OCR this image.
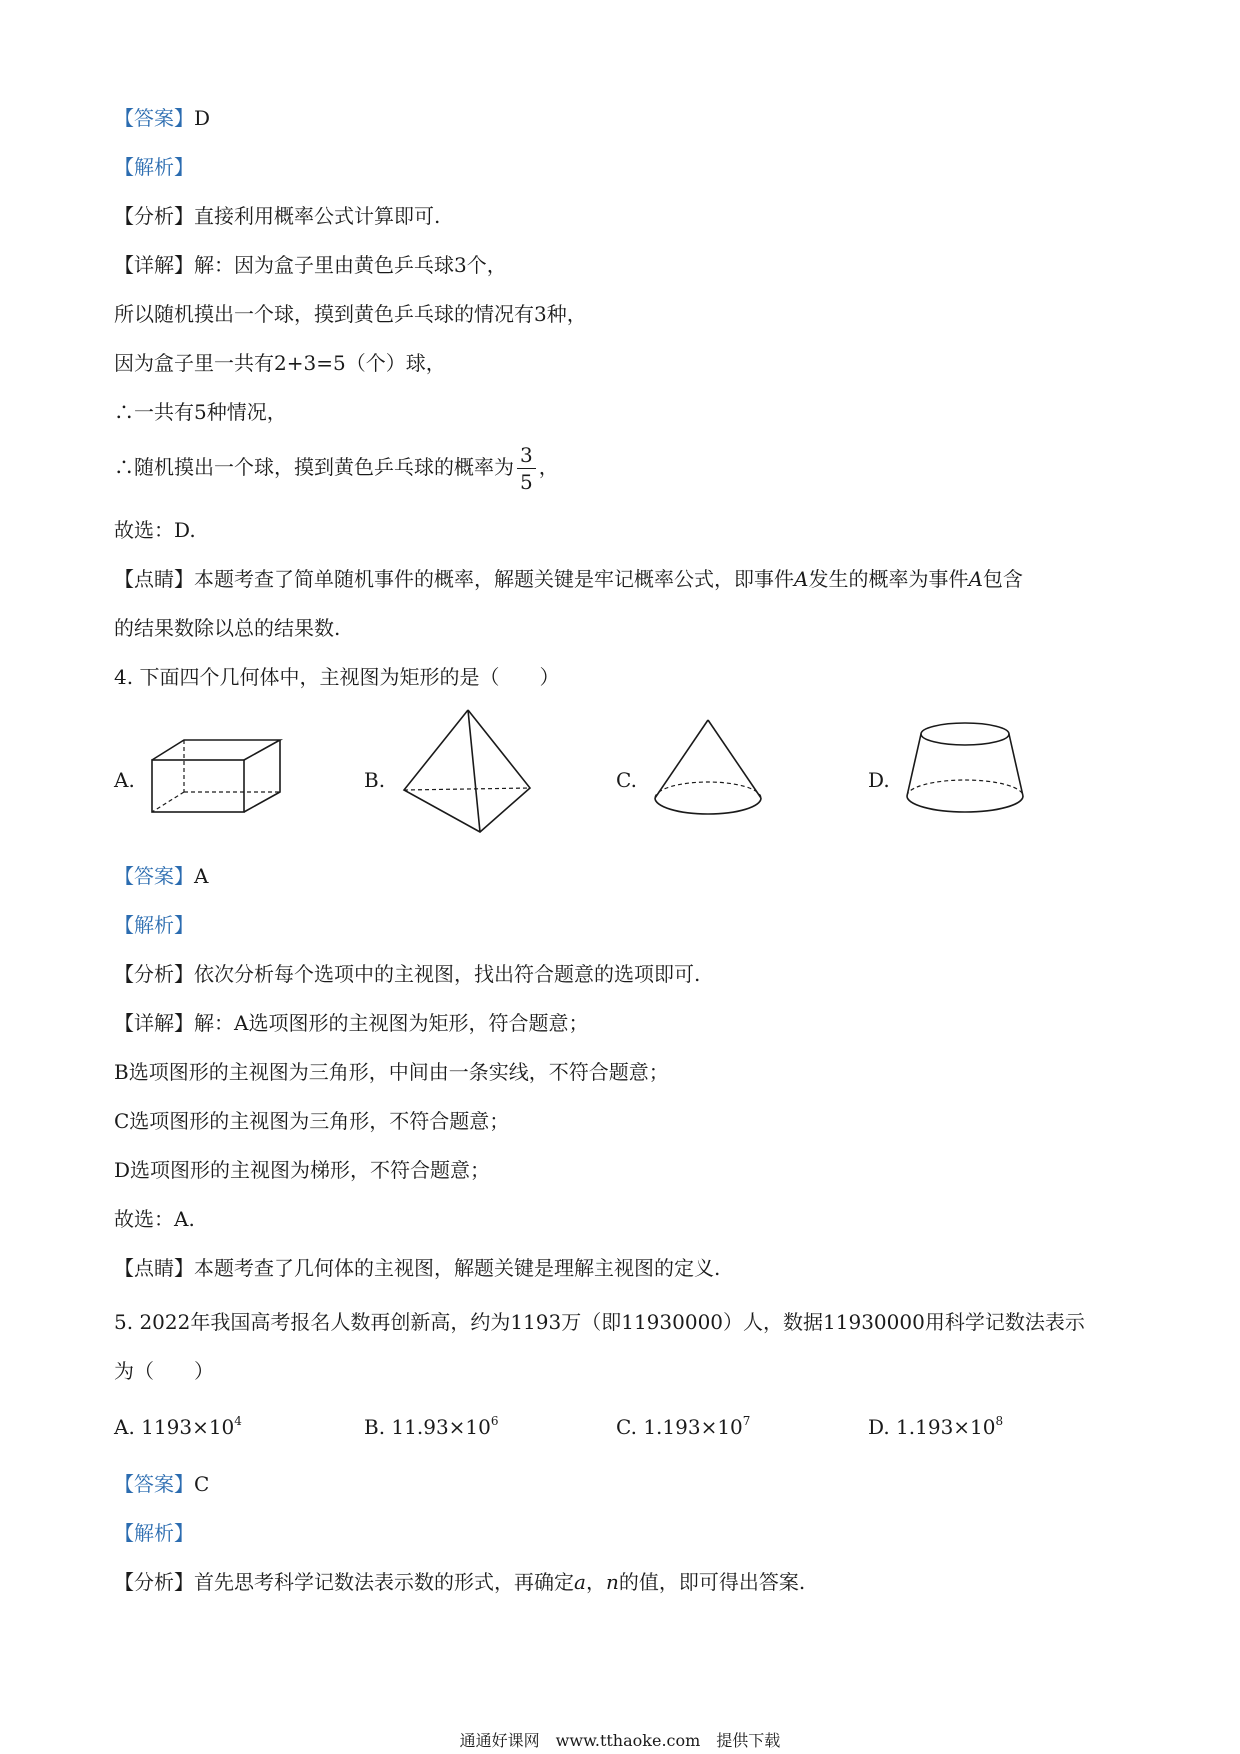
【答案】D
【解析】
【分析】直接利用概率公式计算即可.
【详解】解：因为盒子里由黄色乒乓球3个，
所以随机摸出一个球，摸到黄色乒乓球的情况有3种，
因为盒子里一共有2+3=5（个）球，
∴一共有5种情况，
∴随机摸出一个球，摸到黄色乒乓球的概率为 $\frac{3}{5}$ ，
故选：D.
【点睛】本题考查了简单随机事件的概率，解题关键是牢记概率公式，即事件A发生的概率为事件A包含
的结果数除以总的结果数.
4. 下面四个几何体中，主视图为矩形的是（　　）
A.	B.	C.	D.
【答案】A
【解析】
【分析】依次分析每个选项中的主视图，找出符合题意的选项即可.
【详解】解：A选项图形的主视图为矩形，符合题意；
B选项图形的主视图为三角形，中间由一条实线，不符合题意；
C选项图形的主视图为三角形，不符合题意；
D选项图形的主视图为梯形，不符合题意；
故选：A.
【点睛】本题考查了几何体的主视图，解题关键是理解主视图的定义.
5. 2022年我国高考报名人数再创新高，约为1193万（即11930000）人，数据11930000用科学记数法表示
为（　　）
A. $1193\times 10^4$	B. $11.93\times 10^6$	C. $1.193\times 10^7$	D. $1.193\times 10^8$
【答案】C
【解析】
【分析】首先思考科学记数法表示数的形式，再确定a，n的值，即可得出答案.
通通好课网　www.tthaoke.com　提供下载
